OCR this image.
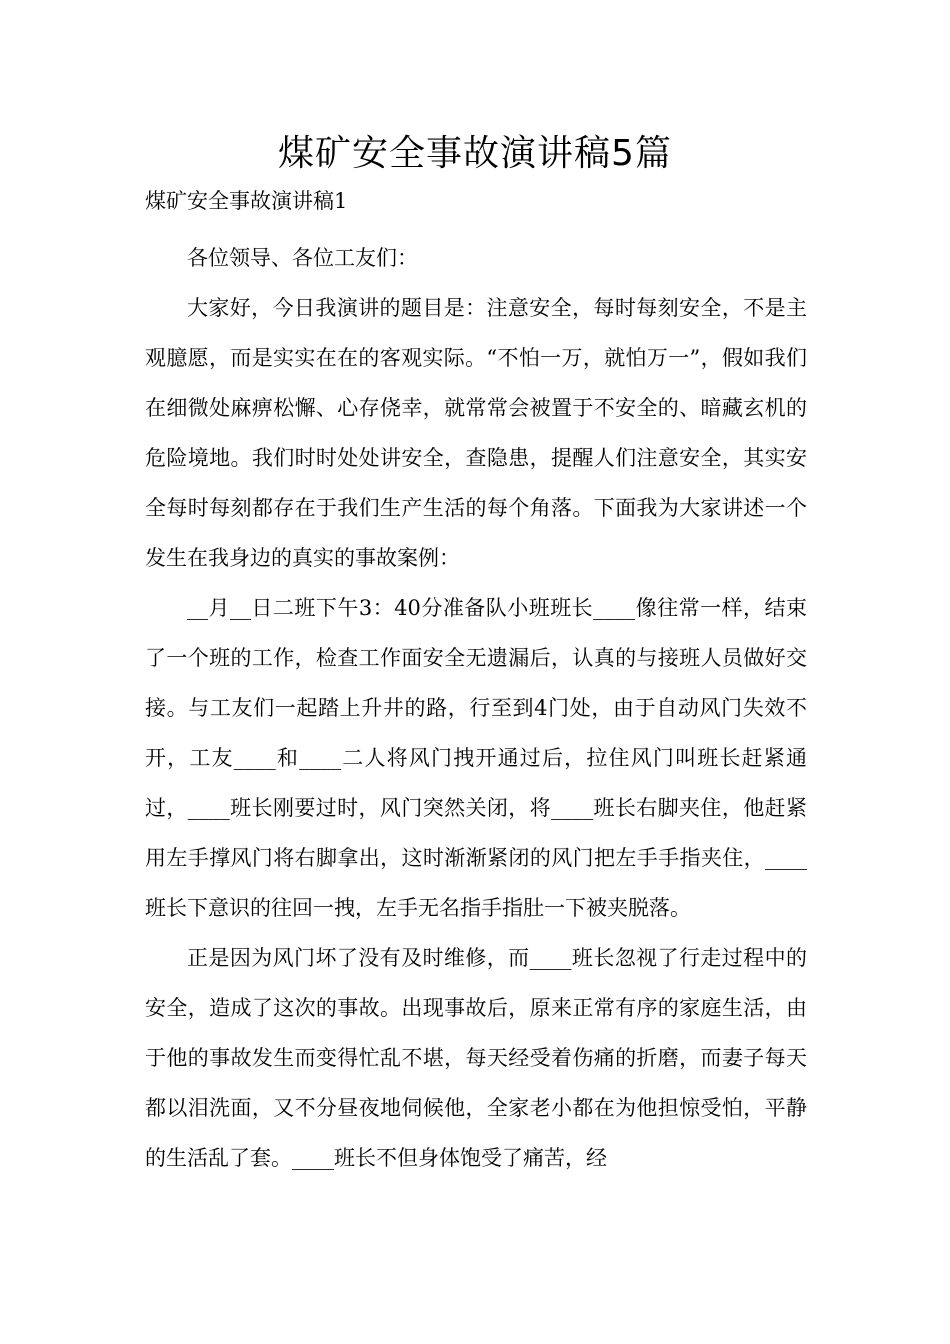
煤矿安全事故演讲稿5篇

煤矿安全事故演讲稿1

各位领导、各位工友们：

大家好，今日我演讲的题目是：注意安全，每时每刻安全，不是主观臆愿，而是实实在在的客观实际。“不怕一万，就怕万一”，假如我们在细微处麻痹松懈、心存侥幸，就常常会被置于不安全的、暗藏玄机的危险境地。我们时时处处讲安全，查隐患，提醒人们注意安全，其实安全每时每刻都存在于我们生产生活的每个角落。下面我为大家讲述一个发生在我身边的真实的事故案例：

__月__日二班下午3：40分准备队小班班长____像往常一样，结束了一个班的工作，检查工作面安全无遗漏后，认真的与接班人员做好交接。与工友们一起踏上升井的路，行至到4门处，由于自动风门失效不开，工友____和____二人将风门拽开通过后，拉住风门叫班长赶紧通过，____班长刚要过时，风门突然关闭，将____班长右脚夹住，他赶紧用左手撑风门将右脚拿出，这时渐渐紧闭的风门把左手手指夹住，____班长下意识的往回一拽，左手无名指手指肚一下被夹脱落。

正是因为风门坏了没有及时维修，而____班长忽视了行走过程中的安全，造成了这次的事故。出现事故后，原来正常有序的家庭生活，由于他的事故发生而变得忙乱不堪，每天经受着伤痛的折磨，而妻子每天都以泪洗面，又不分昼夜地伺候他，全家老小都在为他担惊受怕，平静的生活乱了套。____班长不但身体饱受了痛苦，经
